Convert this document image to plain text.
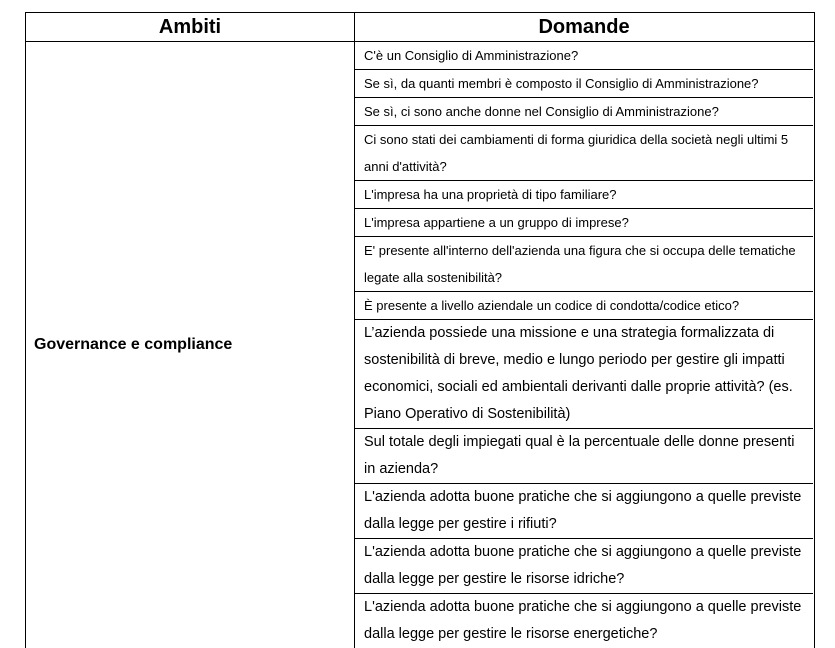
Ambiti	Domande
Governance e compliance
C'è un Consiglio di Amministrazione?
Se sì, da quanti membri è composto il Consiglio di Amministrazione?
Se sì, ci sono anche donne nel Consiglio di Amministrazione?
Ci sono stati dei cambiamenti di forma giuridica della società negli ultimi 5 anni d'attività?
L'impresa ha una proprietà di tipo familiare?
L'impresa appartiene a un gruppo di imprese?
E' presente all'interno dell'azienda una figura che si occupa delle tematiche legate alla sostenibilità?
È presente a livello aziendale un codice di condotta/codice etico?
L’azienda possiede una missione e una strategia formalizzata di sostenibilità di breve, medio e lungo periodo per gestire gli impatti economici, sociali ed ambientali derivanti dalle proprie attività? (es. Piano Operativo di Sostenibilità)
Sul totale degli impiegati qual è la percentuale delle donne presenti in azienda?
L'azienda adotta buone pratiche che si aggiungono a quelle previste dalla legge per gestire i rifiuti?
L'azienda adotta buone pratiche che si aggiungono a quelle previste dalla legge per gestire le risorse idriche?
L'azienda adotta buone pratiche che si aggiungono a quelle previste dalla legge per gestire le risorse energetiche?
